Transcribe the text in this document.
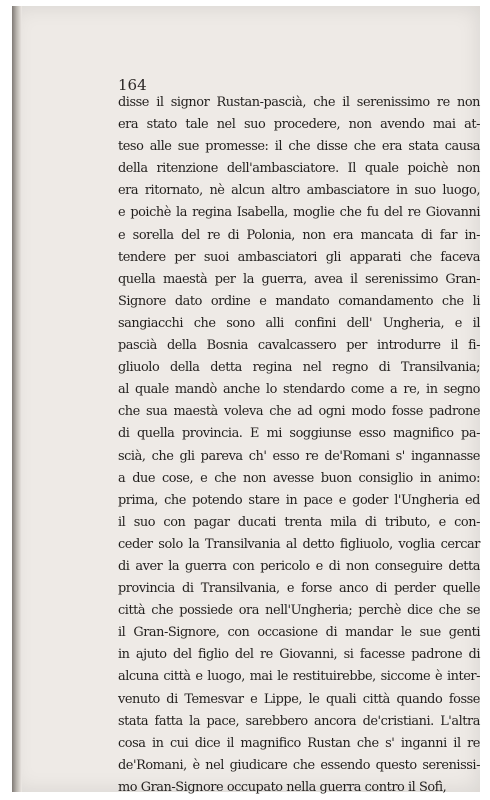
164

disse il signor Rustan-pascià, che il serenissimo re non
era stato tale nel suo procedere, non avendo mai at-
teso alle sue promesse: il che disse che era stata causa
della ritenzione dell'ambasciatore. Il quale poichè non
era ritornato, nè alcun altro ambasciatore in suo luogo,
e poichè la regina Isabella, moglie che fu del re Giovanni
e sorella del re di Polonia, non era mancata di far in-
tendere per suoi ambasciatori gli apparati che faceva
quella maestà per la guerra, avea il serenissimo Gran-
Signore dato ordine e mandato comandamento che li
sangiacchi che sono alli confini dell' Ungheria, e il
pascià della Bosnia cavalcassero per introdurre il fi-
gliuolo della detta regina nel regno di Transilvania;
al quale mandò anche lo stendardo come a re, in segno
che sua maestà voleva che ad ogni modo fosse padrone
di quella provincia. E mi soggiunse esso magnifico pa-
scià, che gli pareva ch' esso re de'Romani s' ingannasse
a due cose, e che non avesse buon consiglio in animo:
prima, che potendo stare in pace e goder l'Ungheria ed
il suo con pagar ducati trenta mila di tributo, e con-
ceder solo la Transilvania al detto figliuolo, voglia cercar
di aver la guerra con pericolo e di non conseguire detta
provincia di Transilvania, e forse anco di perder quelle
città che possiede ora nell'Ungheria; perchè dice che se
il Gran-Signore, con occasione di mandar le sue genti
in ajuto del figlio del re Giovanni, si facesse padrone di
alcuna città e luogo, mai le restituirebbe, siccome è inter-
venuto di Temesvar e Lippe, le quali città quando fosse
stata fatta la pace, sarebbero ancora de'cristiani. L'altra
cosa in cui dice il magnifico Rustan che s' inganni il re
de'Romani, è nel giudicare che essendo questo serenissi-
mo Gran-Signore occupato nella guerra contro il Sofì,
